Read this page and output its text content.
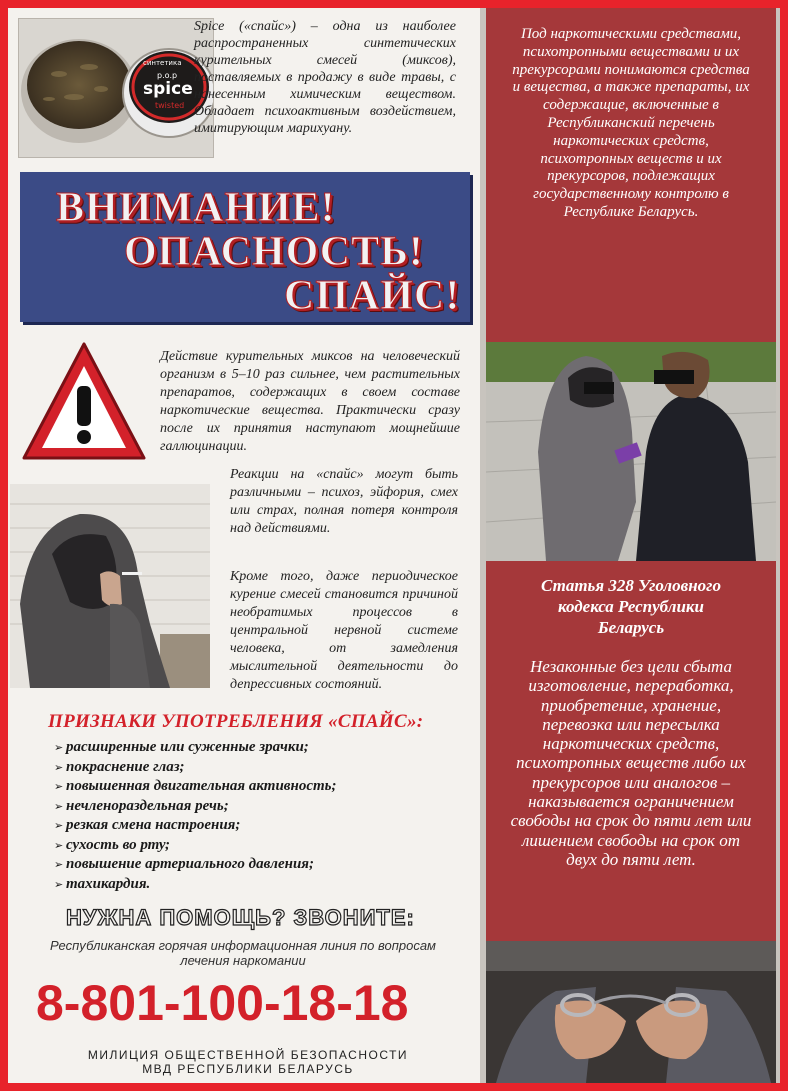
синтетика
р.о.р
spice
twisted

Spice («спайс») – одна из наиболее распространенных синтетических курительных смесей (миксов), поставляемых в продажу в виде травы, с нанесенным химическим веществом. Обладает психоактивным воздействием, имитирующим марихуану.

ВНИМАНИЕ!
ОПАСНОСТЬ!
СПАЙС!

Действие курительных миксов на человеческий организм в 5–10 раз сильнее, чем растительных препаратов, содержащих в своем составе наркотические вещества. Практически сразу после их принятия наступают мощнейшие галлюцинации.

Реакции на «спайс» могут быть различными – психоз, эйфория, смех или страх, полная потеря контроля над действиями.

Кроме того, даже периодическое курение смесей становится причиной необратимых процессов в центральной нервной системе человека, от замедления мыслительной деятельности до депрессивных состояний.

ПРИЗНАКИ УПОТРЕБЛЕНИЯ «СПАЙС»:
➢ расширенные или суженные зрачки;
➢ покраснение глаз;
➢ повышенная двигательная активность;
➢ нечленораздельная речь;
➢ резкая смена настроения;
➢ сухость во рту;
➢ повышение артериального давления;
➢ тахикардия.
НУЖНА ПОМОЩЬ? ЗВОНИТЕ:

Республиканская горячая информационная линия по вопросам лечения наркомании

8-801-100-18-18
МИЛИЦИЯ ОБЩЕСТВЕННОЙ БЕЗОПАСНОСТИ
МВД РЕСПУБЛИКИ БЕЛАРУСЬ

Под наркотическими средствами, психотропными веществами и их прекурсорами понимаются средства и вещества, а также препараты, их содержащие, включенные в Республиканский перечень наркотических средств, психотропных веществ и их прекурсоров, подлежащих государственному контролю в Республике Беларусь.

Статья 328 Уголовного кодекса Республики Беларусь

Незаконные без цели сбыта изготовление, переработка, приобретение, хранение, перевозка или пересылка наркотических средств, психотропных веществ либо их прекурсоров или аналогов – наказывается ограничением свободы на срок до пяти лет или лишением свободы на срок от двух до пяти лет.
